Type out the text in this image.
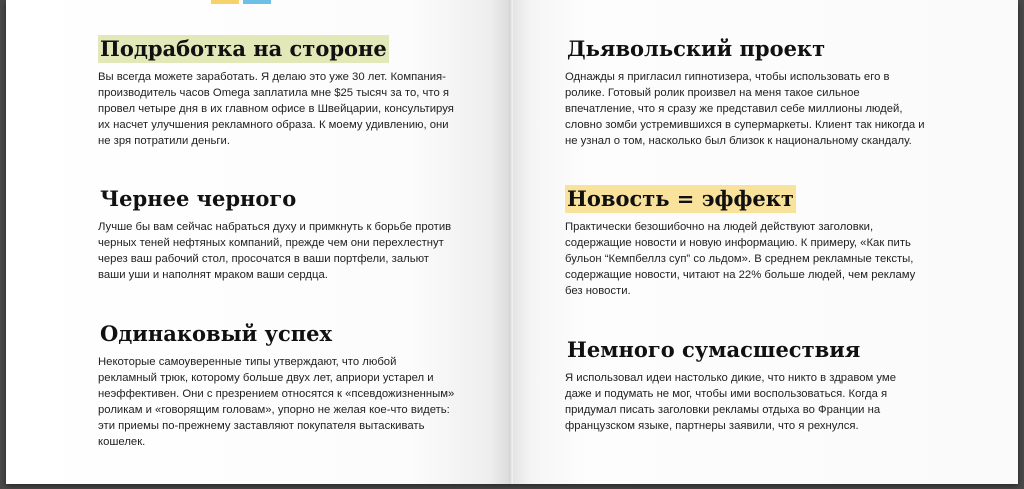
Подработка на стороне

Вы всегда можете заработать. Я делаю это уже 30 лет. Компания-производитель часов Omega заплатила мне $25 тысяч за то, что я провел четыре дня в их главном офисе в Швейцарии, консультируя их насчет улучшения рекламного образа. К моему удивлению, они не зря потратили деньги.

Чернее черного

Лучше бы вам сейчас набраться духу и примкнуть к борьбе против черных теней нефтяных компаний, прежде чем они перехлестнут через ваш рабочий стол, просочатся в ваши портфели, зальют ваши уши и наполнят мраком ваши сердца.

Одинаковый успех

Некоторые самоуверенные типы утверждают, что любой рекламный трюк, которому больше двух лет, априори устарел и неэффективен. Они с презрением относятся к «псевдожизненным» роликам и «говорящим головам», упорно не желая кое-что видеть: эти приемы по-прежнему заставляют покупателя вытаскивать кошелек.

Дьявольский проект

Однажды я пригласил гипнотизера, чтобы использовать его в ролике. Готовый ролик произвел на меня такое сильное впечатление, что я сразу же представил себе миллионы людей, словно зомби устремившихся в супермаркеты. Клиент так никогда и не узнал о том, насколько был близок к национальному скандалу.

Новость = эффект

Практически безошибочно на людей действуют заголовки, содержащие новости и новую информацию. К примеру, «Как пить бульон “Кемпбеллз суп” со льдом». В среднем рекламные тексты, содержащие новости, читают на 22% больше людей, чем рекламу без новости.

Немного сумасшествия

Я использовал идеи настолько дикие, что никто в здравом уме даже и подумать не мог, чтобы ими воспользоваться. Когда я придумал писать заголовки рекламы отдыха во Франции на французском языке, партнеры заявили, что я рехнулся.
